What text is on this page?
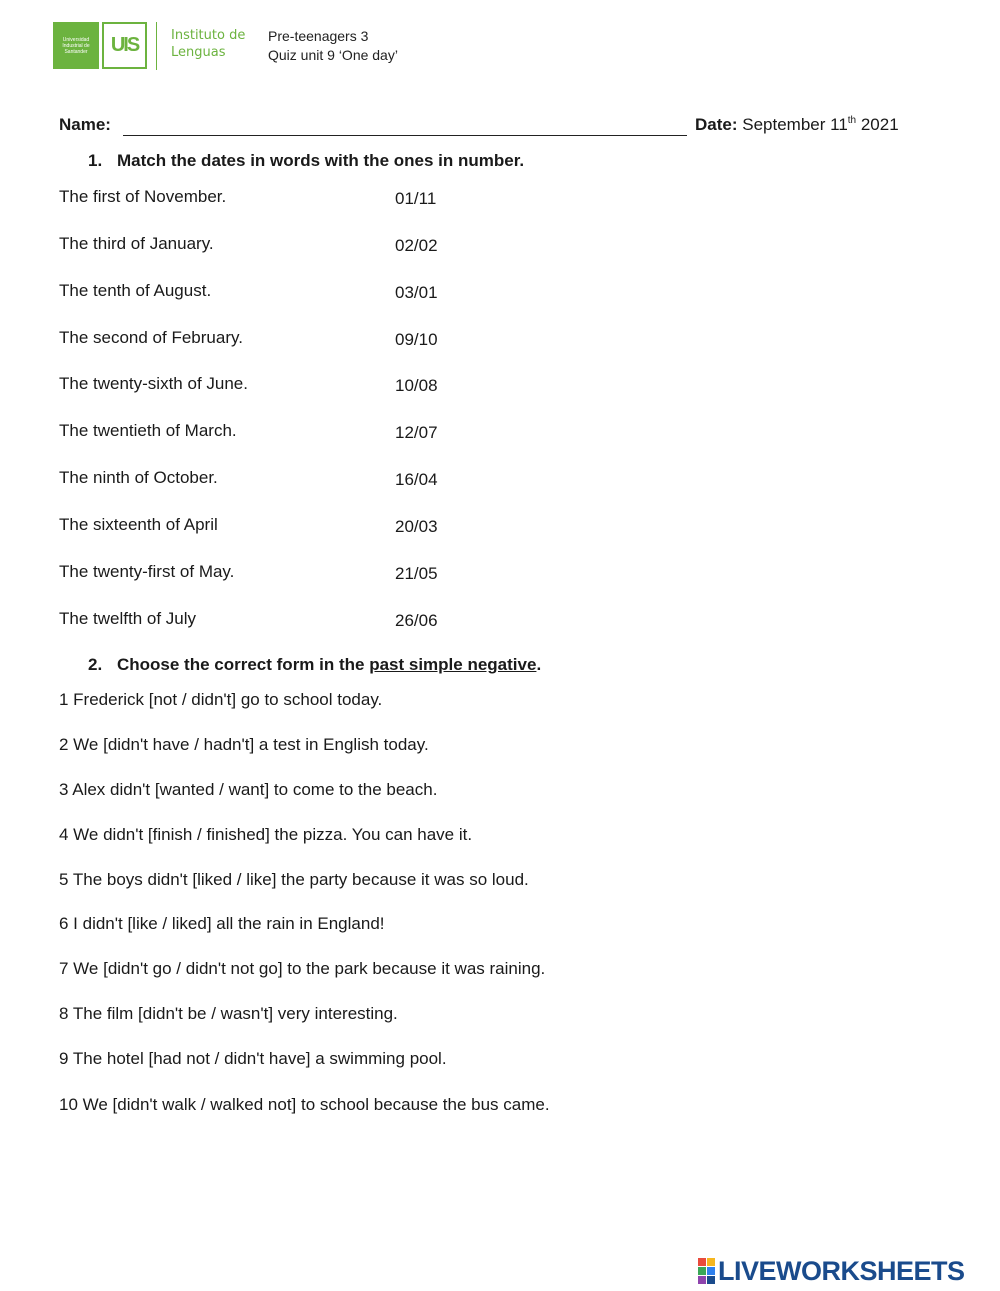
Universidad Industrial de Santander	UIS	Instituto de
Lenguas
Pre-teenagers 3
Quiz unit 9 ‘One day’
Name:	Date: September 11th 2021
1. Match the dates in words with the ones in number.
The first of November.	01/11
The third of January.	02/02
The tenth of August.	03/01
The second of February.	09/10
The twenty-sixth of June.	10/08
The twentieth of March.	12/07
The ninth of October.	16/04
The sixteenth of April	20/03
The twenty-first of May.	21/05
The twelfth of July	26/06
2. Choose the correct form in the past simple negative.
1 Frederick [not / didn't] go to school today.
2 We [didn't have / hadn't] a test in English today.
3 Alex didn't [wanted / want] to come to the beach.
4 We didn't [finish / finished] the pizza. You can have it.
5 The boys didn't [liked / like] the party because it was so loud.
6 I didn't [like / liked] all the rain in England!
7 We [didn't go / didn't not go] to the park because it was raining.
8 The film [didn't be / wasn't] very interesting.
9 The hotel [had not / didn't have] a swimming pool.
10 We [didn't walk / walked not] to school because the bus came.
LIVEWORKSHEETS
